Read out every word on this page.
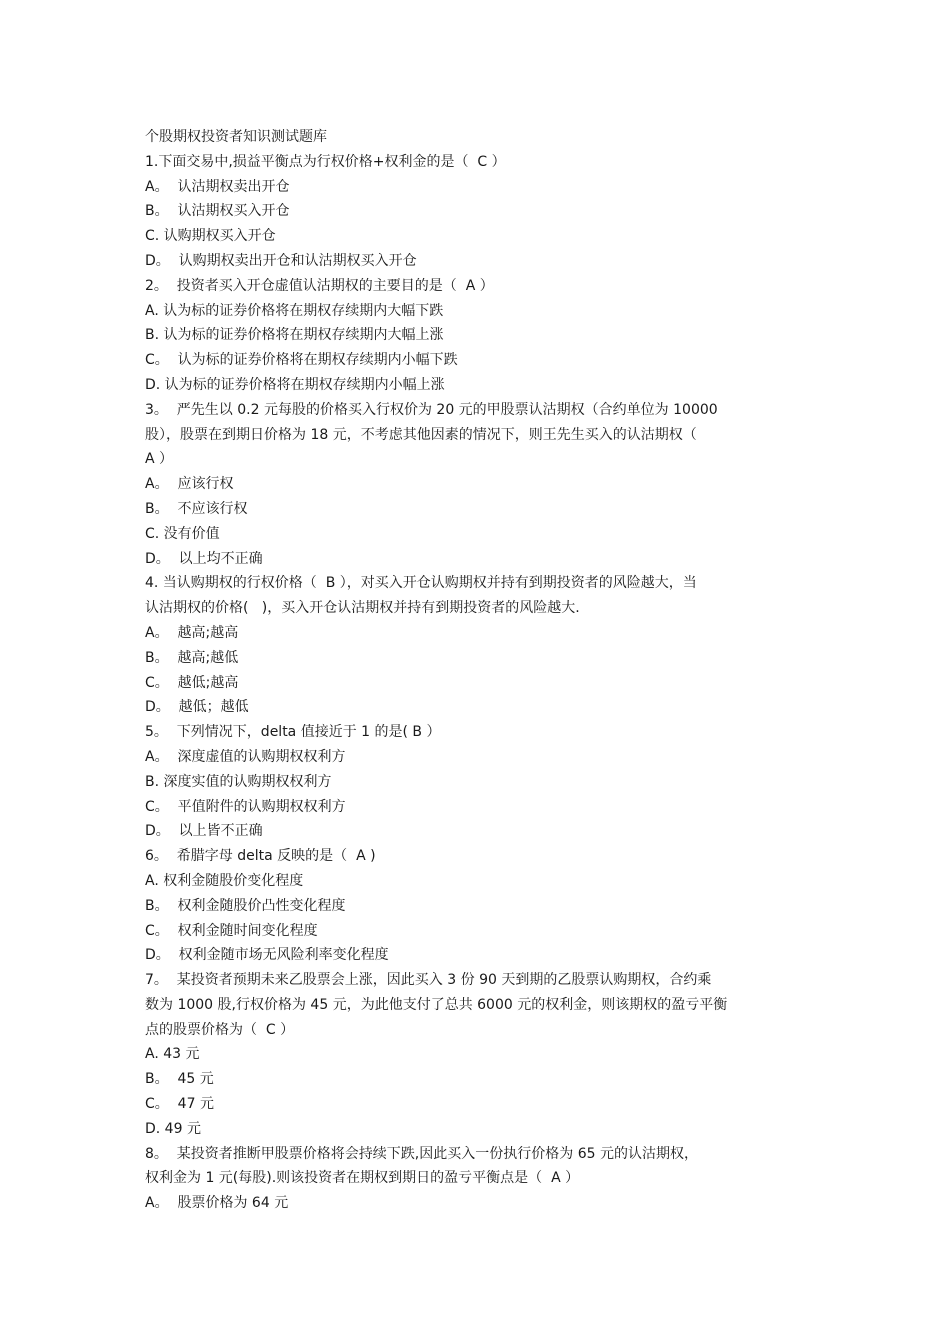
个股期权投资者知识测试题库

1.下面交易中,损益平衡点为行权价格+权利金的是（  C ）

A。  认沽期权卖出开仓

B。  认沽期权买入开仓

C. 认购期权买入开仓

D。  认购期权卖出开仓和认沽期权买入开仓

2。  投资者买入开仓虚值认沽期权的主要目的是（  A ）

A. 认为标的证券价格将在期权存续期内大幅下跌

B. 认为标的证券价格将在期权存续期内大幅上涨

C。  认为标的证券价格将在期权存续期内小幅下跌

D. 认为标的证券价格将在期权存续期内小幅上涨

3。  严先生以 0.2 元每股的价格买入行权价为 20 元的甲股票认沽期权（合约单位为 10000

股），股票在到期日价格为 18 元，不考虑其他因素的情况下，则王先生买入的认沽期权（

A ）

A。  应该行权

B。  不应该行权

C. 没有价值

D。  以上均不正确

4. 当认购期权的行权价格（  B ），对买入开仓认购期权并持有到期投资者的风险越大，当

认沽期权的价格(   )，买入开仓认沽期权并持有到期投资者的风险越大.

A。  越高;越高

B。  越高;越低

C。  越低;越高

D。  越低；越低

5。  下列情况下，delta 值接近于 1 的是( B ）

A。  深度虚值的认购期权权利方

B. 深度实值的认购期权权利方

C。  平值附件的认购期权权利方

D。  以上皆不正确

6。  希腊字母 delta 反映的是（  A )

A. 权利金随股价变化程度

B。  权利金随股价凸性变化程度

C。  权利金随时间变化程度

D。  权利金随市场无风险利率变化程度

7。  某投资者预期未来乙股票会上涨，因此买入 3 份 90 天到期的乙股票认购期权，合约乘

数为 1000 股,行权价格为 45 元，为此他支付了总共 6000 元的权利金，则该期权的盈亏平衡

点的股票价格为（  C ）

A. 43 元

B。  45 元

C。  47 元

D. 49 元

8。  某投资者推断甲股票价格将会持续下跌,因此买入一份执行价格为 65 元的认沽期权，

权利金为 1 元(每股).则该投资者在期权到期日的盈亏平衡点是（  A ）

A。  股票价格为 64 元
